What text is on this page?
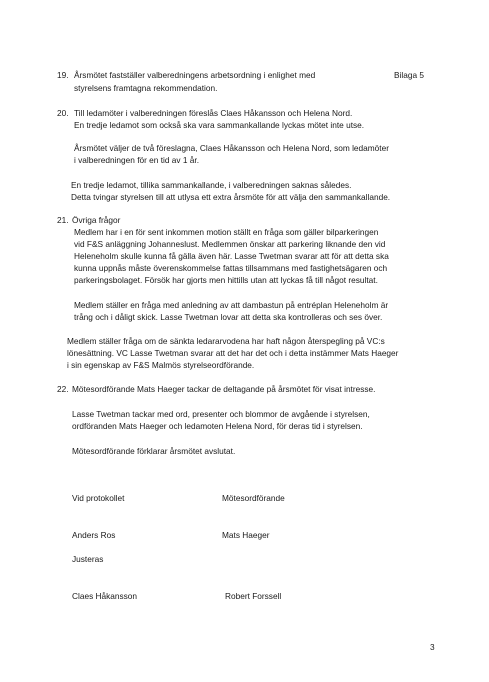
19. Årsmötet fastställer valberedningens arbetsordning i enlighet med	Bilaga 5
styrelsens framtagna rekommendation.
20. Till ledamöter i valberedningen föreslås Claes Håkansson och Helena Nord.
En tredje ledamot som också ska vara sammankallande lyckas mötet inte utse.
Årsmötet väljer de två föreslagna, Claes Håkansson och Helena Nord, som ledamöter
i valberedningen för en tid av 1 år.
En tredje ledamot, tillika sammankallande, i valberedningen saknas således.
Detta tvingar styrelsen till att utlysa ett extra årsmöte för att välja den sammankallande.
21. Övriga frågor
Medlem har i en för sent inkommen motion ställt en fråga som gäller bilparkeringen
vid F&S anläggning Johanneslust. Medlemmen önskar att parkering liknande den vid
Heleneholm skulle kunna få gälla även här. Lasse Twetman svarar att för att detta ska
kunna uppnås måste överenskommelse fattas tillsammans med fastighetsägaren och
parkeringsbolaget. Försök har gjorts men hittills utan att lyckas få till något resultat.
Medlem ställer en fråga med anledning av att dambastun på entréplan Heleneholm är
trång och i dåligt skick. Lasse Twetman lovar att detta ska kontrolleras och ses över.
Medlem ställer fråga om de sänkta ledararvodena har haft någon återspegling på VC:s
lönesättning. VC Lasse Twetman svarar att det har det och i detta instämmer Mats Haeger
i sin egenskap av F&S Malmös styrelseordförande.
22. Mötesordförande Mats Haeger tackar de deltagande på årsmötet för visat intresse.
Lasse Twetman tackar med ord, presenter och blommor de avgående i styrelsen,
ordföranden Mats Haeger och ledamoten Helena Nord, för deras tid i styrelsen.
Mötesordförande förklarar årsmötet avslutat.
Vid protokollet	Mötesordförande
Anders Ros	Mats Haeger
Justeras
Claes Håkansson	Robert Forssell
3
